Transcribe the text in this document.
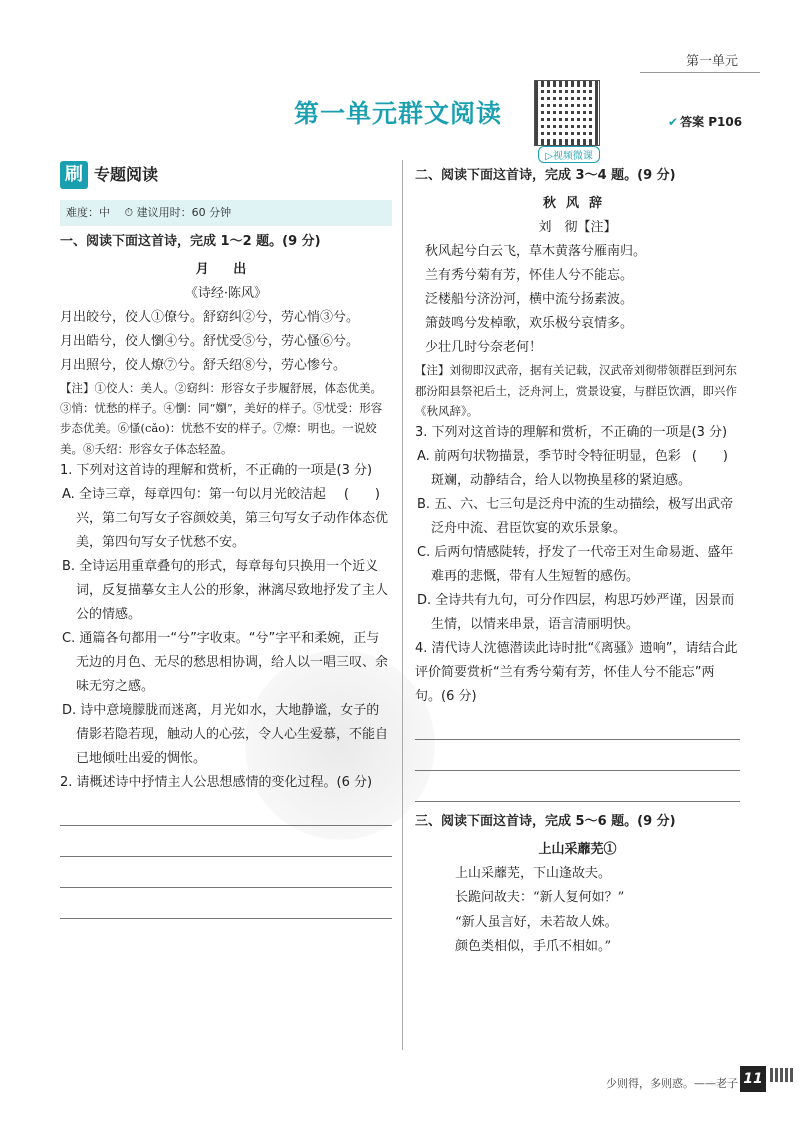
第一单元
第一单元群文阅读
▷视频微课
✔ 答案 P106
刷 专题阅读
难度：中　 ⏱ 建议用时：60 分钟
一、阅读下面这首诗，完成 1～2 题。(9 分)
月 出
《诗经·陈风》
月出皎兮，佼人①僚兮。舒窈纠②兮，劳心悄③兮。
月出皓兮，佼人懰④兮。舒忧受⑤兮，劳心慅⑥兮。
月出照兮，佼人燎⑦兮。舒夭绍⑧兮，劳心惨兮。
【注】①佼人：美人。②窈纠：形容女子步履舒展，体态优美。③悄：忧愁的样子。④懰：同“嬼”，美好的样子。⑤忧受：形容步态优美。⑥慅(cǎo)：忧愁不安的样子。⑦燎：明也。一说姣美。⑧夭绍：形容女子体态轻盈。
1. 下列对这首诗的理解和赏析，不正确的一项是(3 分)
(　　)
A. 全诗三章，每章四句：第一句以月光皎洁起兴，第二句写女子容颜姣美，第三句写女子动作体态优美，第四句写女子忧愁不安。
B. 全诗运用重章叠句的形式，每章每句只换用一个近义词，反复描摹女主人公的形象，淋漓尽致地抒发了主人公的情感。
C. 通篇各句都用一“兮”字收束。“兮”字平和柔婉，正与无边的月色、无尽的愁思相协调，给人以一唱三叹、余味无穷之感。
D. 诗中意境朦胧而迷离，月光如水，大地静谧，女子的倩影若隐若现，触动人的心弦，令人心生爱慕，不能自已地倾吐出爱的惆怅。
2. 请概述诗中抒情主人公思想感情的变化过程。(6 分)
二、阅读下面这首诗，完成 3～4 题。(9 分)
秋风辞
刘　彻【注】
秋风起兮白云飞，草木黄落兮雁南归。
兰有秀兮菊有芳，怀佳人兮不能忘。
泛楼船兮济汾河，横中流兮扬素波。
箫鼓鸣兮发棹歌，欢乐极兮哀情多。
少壮几时兮奈老何！
【注】刘彻即汉武帝，据有关记载，汉武帝刘彻带领群臣到河东郡汾阳县祭祀后土，泛舟河上，赏景设宴，与群臣饮酒，即兴作《秋风辞》。
3. 下列对这首诗的理解和赏析，不正确的一项是(3 分)
(　　)
A. 前两句状物描景，季节时令特征明显，色彩斑斓，动静结合，给人以物换星移的紧迫感。
B. 五、六、七三句是泛舟中流的生动描绘，极写出武帝泛舟中流、君臣饮宴的欢乐景象。
C. 后两句情感陡转，抒发了一代帝王对生命易逝、盛年难再的悲慨，带有人生短暂的感伤。
D. 全诗共有九句，可分作四层，构思巧妙严谨，因景而生情，以情来串景，语言清丽明快。
4. 清代诗人沈德潜读此诗时批“《离骚》遗响”，请结合此评价简要赏析“兰有秀兮菊有芳，怀佳人兮不能忘”两句。(6 分)
三、阅读下面这首诗，完成 5～6 题。(9 分)
上山采蘼芜①
上山采蘼芜，下山逢故夫。
长跪问故夫：“新人复何如？”
“新人虽言好，未若故人姝。
颜色类相似，手爪不相如。”
少则得，多则惑。——老子 11
